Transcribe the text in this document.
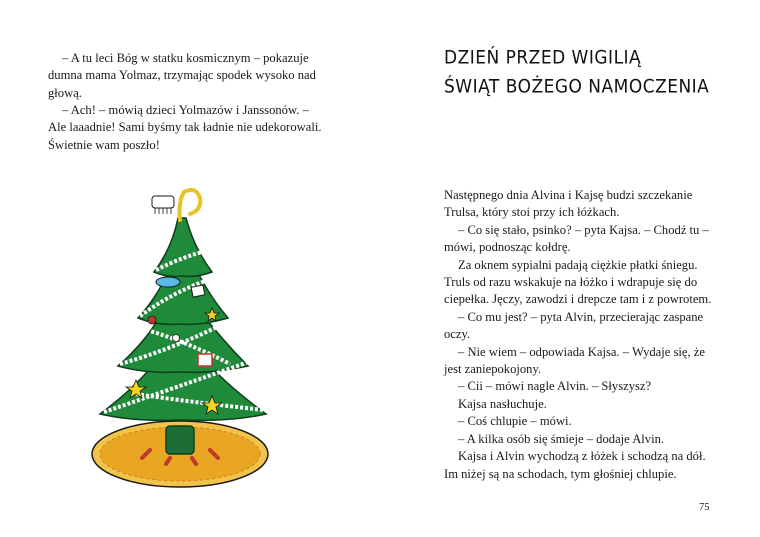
– A tu leci Bóg w statku kosmicznym – pokazuje
dumna mama Yolmaz, trzymając spodek wysoko nad
głową.
– Ach! – mówią dzieci Yolmazów i Janssonów. –
Ale laaadnie! Sami byśmy tak ładnie nie udekorowali.
Świetnie wam poszło!
DZIEŃ PRZED WIGILIĄ
ŚWIĄT BOŻEGO NAMOCZENIA
Następnego dnia Alvina i Kajsę budzi szczekanie
Trulsa, który stoi przy ich łóżkach.
– Co się stało, psinko? – pyta Kajsa. – Chodź tu –
mówi, podnosząc kołdrę.
Za oknem sypialni padają ciężkie płatki śniegu.
Truls od razu wskakuje na łóżko i wdrapuje się do
ciepełka. Jęczy, zawodzi i drepcze tam i z powrotem.
– Co mu jest? – pyta Alvin, przecierając zaspane
oczy.
– Nie wiem – odpowiada Kajsa. – Wydaje się, że
jest zaniepokojony.
– Cii – mówi nagle Alvin. – Słyszysz?
Kajsa nasłuchuje.
– Coś chlupie – mówi.
– A kilka osób się śmieje – dodaje Alvin.
Kajsa i Alvin wychodzą z łóżek i schodzą na dół.
Im niżej są na schodach, tym głośniej chlupie.
75
